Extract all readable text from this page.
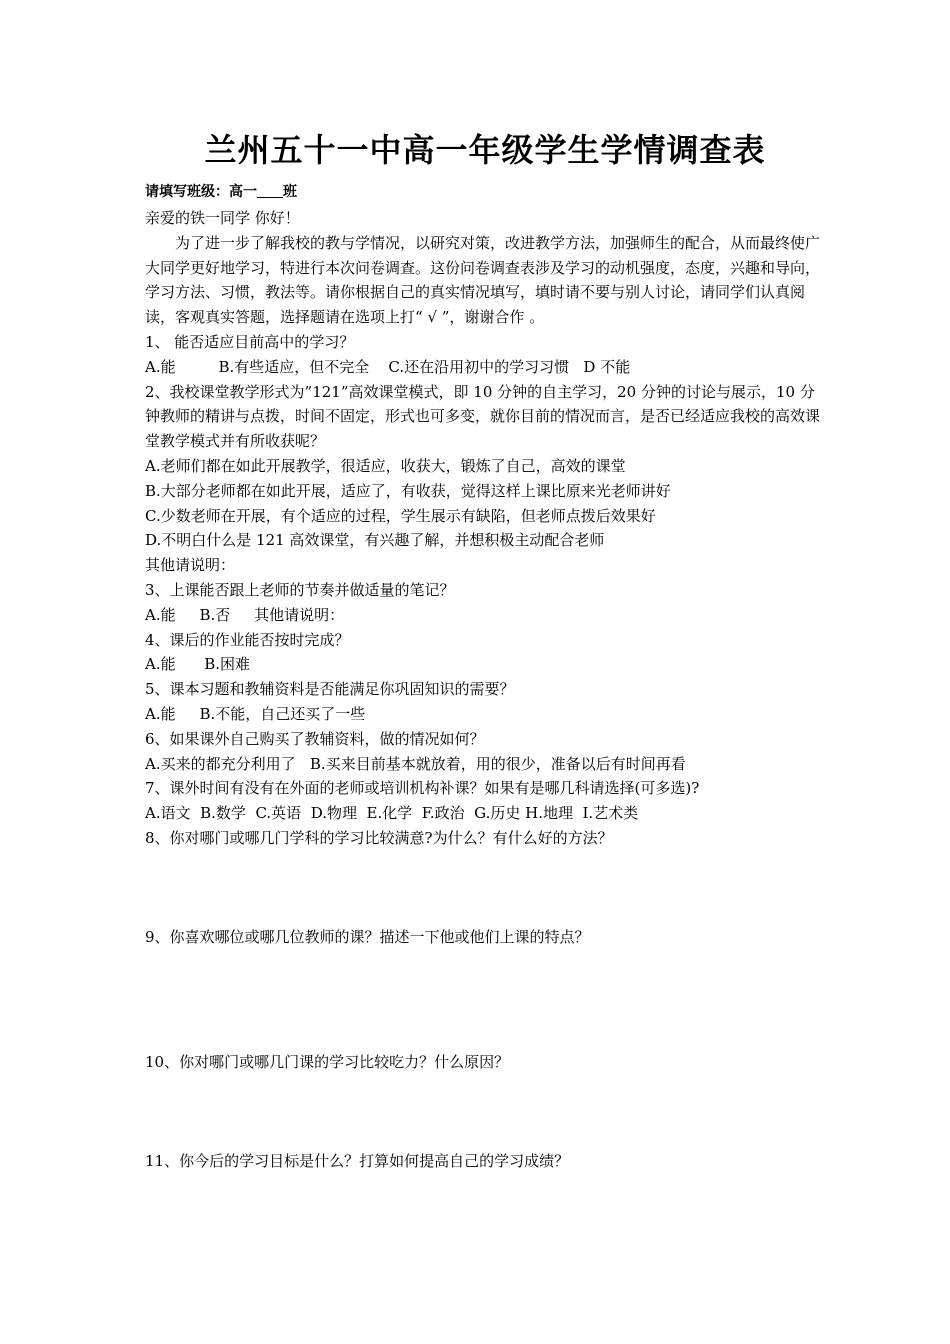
兰州五十一中高一年级学生学情调查表
请填写班级：高一 班

亲爱的铁一同学 你好！

为了进一步了解我校的教与学情况，以研究对策，改进教学方法，加强师生的配合，从而最终使广大同学更好地学习，特进行本次问卷调查。这份问卷调查表涉及学习的动机强度，态度，兴趣和导向，学习方法、习惯，教法等。请你根据自己的真实情况填写，填时请不要与别人讨论，请同学们认真阅读，客观真实答题，选择题请在选项上打“ √ ”，谢谢合作 。

1、 能否适应目前高中的学习？

A.能         B.有些适应，但不完全    C.还在沿用初中的学习习惯   D 不能

2、我校课堂教学形式为”121”高效课堂模式，即 10 分钟的自主学习，20 分钟的讨论与展示，10 分钟教师的精讲与点拨，时间不固定，形式也可多变，就你目前的情况而言，是否已经适应我校的高效课堂教学模式并有所收获呢？

A.老师们都在如此开展教学，很适应，收获大，锻炼了自己，高效的课堂

B.大部分老师都在如此开展，适应了，有收获，觉得这样上课比原来光老师讲好

C.少数老师在开展，有个适应的过程，学生展示有缺陷，但老师点拨后效果好

D.不明白什么是 121 高效课堂，有兴趣了解，并想积极主动配合老师

其他请说明：

3、上课能否跟上老师的节奏并做适量的笔记？

A.能     B.否     其他请说明：

4、课后的作业能否按时完成？

A.能      B.困难

5、课本习题和教辅资料是否能满足你巩固知识的需要？

A.能     B.不能，自己还买了一些

6、如果课外自己购买了教辅资料，做的情况如何？

A.买来的都充分利用了   B.买来目前基本就放着，用的很少，准备以后有时间再看

7、课外时间有没有在外面的老师或培训机构补课？如果有是哪几科请选择(可多选)?

A.语文  B.数学  C.英语  D.物理  E.化学  F.政治  G.历史 H.地理  I.艺术类

8、你对哪门或哪几门学科的学习比较满意?为什么？有什么好的方法？

9、你喜欢哪位或哪几位教师的课？描述一下他或他们上课的特点？

10、你对哪门或哪几门课的学习比较吃力？什么原因？

11、你今后的学习目标是什么？打算如何提高自己的学习成绩？
